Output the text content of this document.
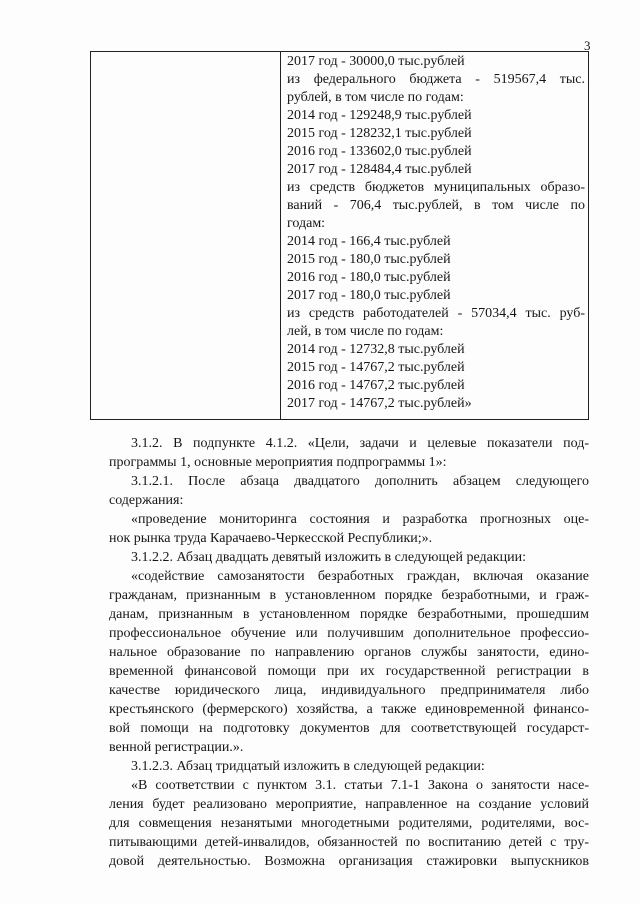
3
2017 год - 30000,0 тыс.рублей
из федерального бюджета - 519567,4 тыс.
рублей, в том числе по годам:
2014 год - 129248,9 тыс.рублей
2015 год - 128232,1 тыс.рублей
2016 год - 133602,0 тыс.рублей
2017 год - 128484,4 тыс.рублей
из средств бюджетов муниципальных образо-
ваний - 706,4 тыс.рублей, в том числе по
годам:
2014 год - 166,4 тыс.рублей
2015 год - 180,0 тыс.рублей
2016 год - 180,0 тыс.рублей
2017 год - 180,0 тыс.рублей
из средств работодателей - 57034,4 тыс. руб-
лей, в том числе по годам:
2014 год - 12732,8 тыс.рублей
2015 год - 14767,2 тыс.рублей
2016 год - 14767,2 тыс.рублей
2017 год - 14767,2 тыс.рублей»
3.1.2. В подпункте 4.1.2. «Цели, задачи и целевые показатели под-
программы 1, основные мероприятия подпрограммы 1»:
3.1.2.1. После абзаца двадцатого дополнить абзацем следующего
содержания:
«проведение мониторинга состояния и разработка прогнозных оце-
нок рынка труда Карачаево-Черкесской Республики;».
3.1.2.2. Абзац двадцать девятый изложить в следующей редакции:
«содействие самозанятости безработных граждан, включая оказание
гражданам, признанным в установленном порядке безработными, и граж-
данам, признанным в установленном порядке безработными, прошедшим
профессиональное обучение или получившим дополнительное профессио-
нальное образование по направлению органов службы занятости, едино-
временной финансовой помощи при их государственной регистрации в
качестве юридического лица, индивидуального предпринимателя либо
крестьянского (фермерского) хозяйства, а также единовременной финансо-
вой помощи на подготовку документов для соответствующей государст-
венной регистрации.».
3.1.2.3. Абзац тридцатый изложить в следующей редакции:
«В соответствии с пунктом 3.1. статьи 7.1-1 Закона о занятости насе-
ления будет реализовано мероприятие, направленное на создание условий
для совмещения незанятыми многодетными родителями, родителями, вос-
питывающими детей-инвалидов, обязанностей по воспитанию детей с тру-
довой деятельностью. Возможна организация стажировки выпускников
